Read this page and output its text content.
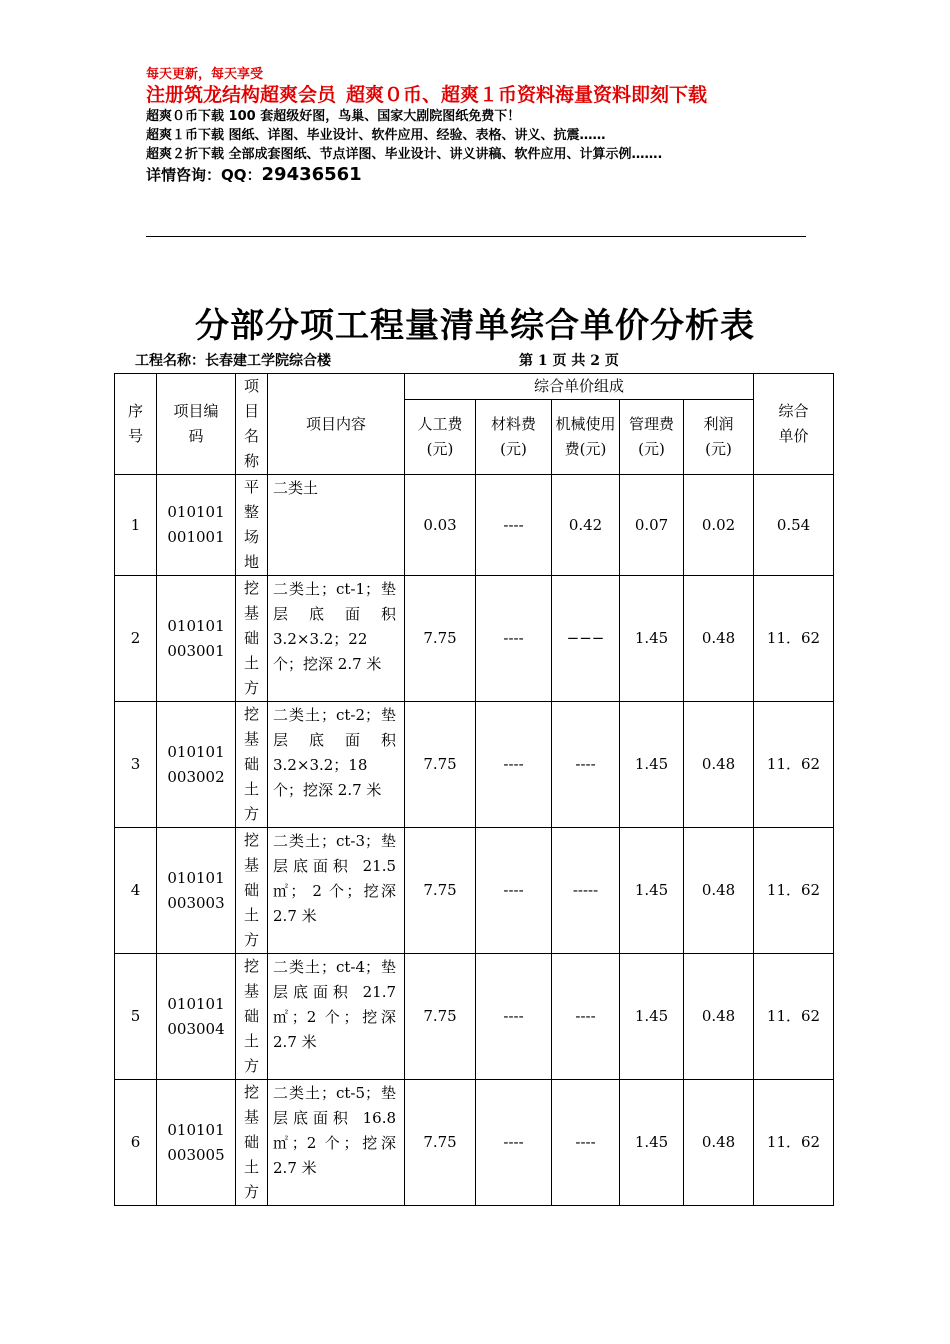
每天更新，每天享受
注册筑龙结构超爽会员 超爽０币、超爽１币资料海量资料即刻下载
超爽０币下载 100 套超级好图，鸟巢、国家大剧院图纸免费下！
超爽１币下载 图纸、详图、毕业设计、软件应用、经验、表格、讲义、抗震……
超爽２折下载 全部成套图纸、节点详图、毕业设计、讲义讲稿、软件应用、计算示例…….
详情咨询：QQ：29436561
分部分项工程量清单综合单价分析表
工程名称：长春建工学院综合楼	第 1 页 共 2 页
序号	项目编码	项目名称	项目内容	综合单价组成					综合单价
				人工费(元)	材料费(元)	机械使用费(元)	管理费(元)	利润(元)	
1	010101001001	平整场地	二类土	0.03	----	0.42	0.07	0.02	0.54
2	010101003001	挖基础土方	二类土；ct-1；垫层底面积3.2×3.2；22 个；挖深 2.7 米	7.75	----	−−−	1.45	0.48	11．62
3	010101003002	挖基础土方	二类土；ct-2；垫层底面积3.2×3.2；18 个；挖深 2.7 米	7.75	----	----	1.45	0.48	11．62
4	010101003003	挖基础土方	二类土；ct-3；垫层底面积 21.5㎡； 2 个；挖深 2.7 米	7.75	----	-----	1.45	0.48	11．62
5	010101003004	挖基础土方	二类土；ct-4；垫层底面积 21.7㎡；2 个；挖深 2.7 米	7.75	----	----	1.45	0.48	11．62
6	010101003005	挖基础土方	二类土；ct-5；垫层底面积 16.8㎡；2 个；挖深 2.7 米	7.75	----	----	1.45	0.48	11．62
